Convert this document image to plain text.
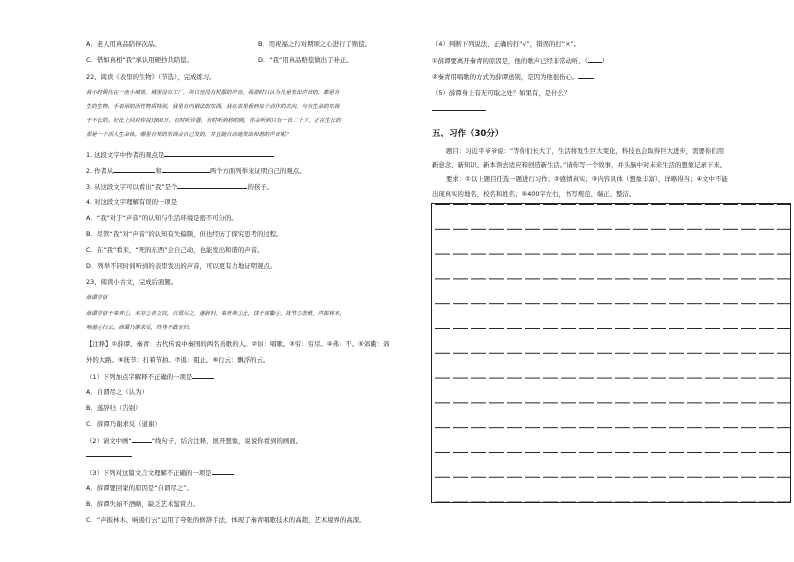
A．老人用真品陪伴次品。	B．用祝福之行对期颂之心进行了赔偿。
C．借如真相“我”承认用硬抄共陪偿。	D．“我”用真品赔偿做出了补正。
22、阅读《表里的生物》（节选），完成练习。
我小时候住在一座小城里，城里没有工厂，所以也没有机器的声音。我那时只认为凡是发出声音的，都是有
生的生物。手表用的活性物质特别，我里有内钢法的东西，我在表里看到每个动作的去向，与有生命的东西
于不长的。好比上回对你说过60万，有时听诊器，有时听到秒的刚，你会听到只有一百二十下，正在生长的
那是一个活人生命体。哪里有死的东西会自己发的，并且随自动地发出和谐的声音呢？
1. 这段文字中作者的观点是
2. 作者从	和	两个方面列举来证明自己的观点。
3. 从这段文字可以看出“我”是个	的孩子。
4. 对这段文字理解有误的一项是
A．“我”对于“声音”的认知与生活环境是密不可分的。
B．尽管“我”对“声音”的认知有失偏颇，但也经历了探究思考的过程。
C．在“我”看来，“死的东西”会自己动，也能发出和谐的声音。
D．列举不同时间听到的表里发出的声音，可以更有力地证明观点。
23、阅读小古文，完成后面题。
薛谭学讴
薛谭学讴于秦青①，未穷②青之技，自谓尽之，遂辞归。秦青弗③止，饯于郊衢④，抚节⑤悲歌，声振林木，
响遏⑥行云。薛谭乃谢求反，终身不敢言归。
【注释】①薛谭、秦青：古代传说中秦国的两名善歌的人。②讴：唱歌。③穷：穷尽。④弗：不。⑤郊衢：郊
外的大路。⑥抚节：打着节拍。⑦遏：阻止。⑧行云：飘浮的云。
（1）下列加点字解释不正确的一项是
A．自谓尽之（认为）
B．遂辞归（告别）
C．薛谭乃谢求反（道谢）
（2）请文中画“	”线句子，结合注释，展开想象，说说你看到的画面。
（3）下列对这篇文言文理解不正确的一项是
A．薛谭要回家的原因是“自谓尽之”。
B．薛谭失始不酒略，缺乏艺术鉴赏力。
C．“声振林木，响遏行云”运用了夸张的修辞手法，体现了秦青唱歌技术的高超，艺术境界的高深。
（4）判断下列说法，正确的打“√”，错误的打“×”。
①薛谭要离开秦青的原因是，他的歌声已经非常动听。（ ）
②秦青用唱歌的方式为薛谭送别，是因为他很伤心。
（5）薛谭身上有无可取之处？如果有，是什么？
五、习作（30分）
题目：习近平爷爷说：“等你们长大了，生活将发生巨大变化，科技也会取得巨大进步，需要你们用
新意念、新知识、新本领去适应和创造新生活。”请你写一个故事，并头脑中对未来生活的想象记录下来。
要求：①以上题目任选一题进行习作；②感情真实；③内容具体（想象丰富），详略得当；④文中不能
出现真实的地名，校名和姓名；⑤400字左右，书写规范、端正、整洁。
